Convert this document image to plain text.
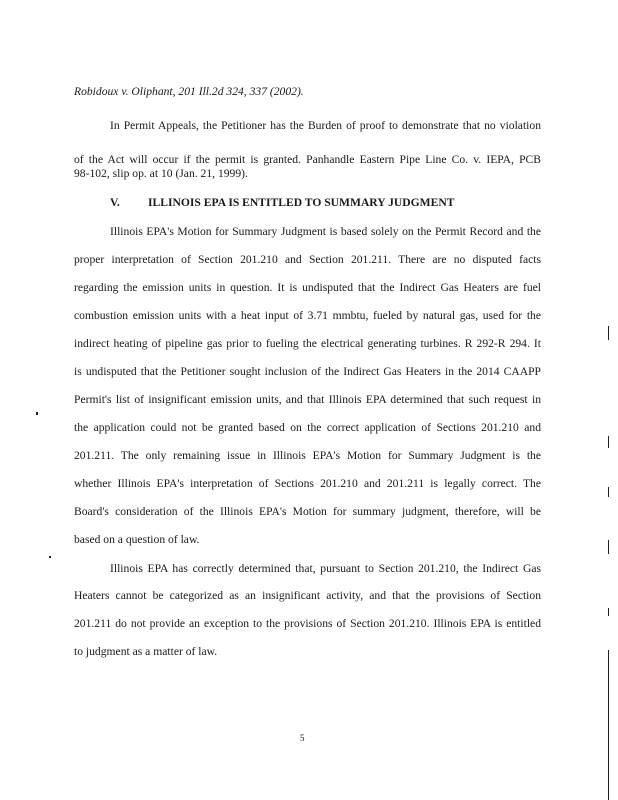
Robidoux v. Oliphant, 201 Ill.2d 324, 337 (2002).
In Permit Appeals, the Petitioner has the Burden of proof to demonstrate that no violation
of the Act will occur if the permit is granted. Panhandle Eastern Pipe Line Co. v. IEPA, PCB
98-102, slip op. at 10 (Jan. 21, 1999).
V. ILLINOIS EPA IS ENTITLED TO SUMMARY JUDGMENT
Illinois EPA's Motion for Summary Judgment is based solely on the Permit Record and the
proper interpretation of Section 201.210 and Section 201.211. There are no disputed facts
regarding the emission units in question. It is undisputed that the Indirect Gas Heaters are fuel
combustion emission units with a heat input of 3.71 mmbtu, fueled by natural gas, used for the
indirect heating of pipeline gas prior to fueling the electrical generating turbines. R 292-R 294. It
is undisputed that the Petitioner sought inclusion of the Indirect Gas Heaters in the 2014 CAAPP
Permit's list of insignificant emission units, and that Illinois EPA determined that such request in
the application could not be granted based on the correct application of Sections 201.210 and
201.211. The only remaining issue in Illinois EPA's Motion for Summary Judgment is the
whether Illinois EPA's interpretation of Sections 201.210 and 201.211 is legally correct. The
Board's consideration of the Illinois EPA's Motion for summary judgment, therefore, will be
based on a question of law.
Illinois EPA has correctly determined that, pursuant to Section 201.210, the Indirect Gas
Heaters cannot be categorized as an insignificant activity, and that the provisions of Section
201.211 do not provide an exception to the provisions of Section 201.210. Illinois EPA is entitled
to judgment as a matter of law.
5
